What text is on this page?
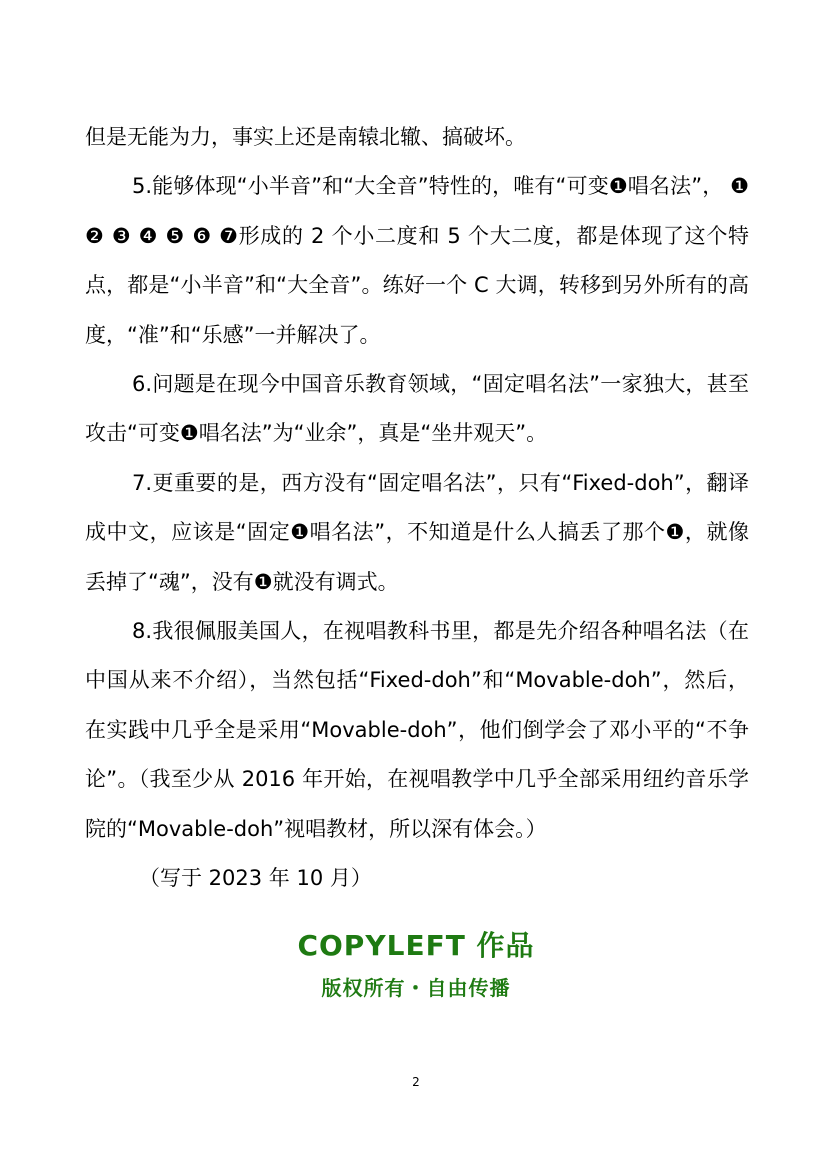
但是无能为力，事实上还是南辕北辙、搞破坏。

5.能够体现“小半音”和“大全音”特性的，唯有“可变❶唱名法”， ❶ ❷ ❸ ❹ ❺ ❻ ❼形成的 2 个小二度和 5 个大二度，都是体现了这个特点，都是“小半音”和“大全音”。练好一个 C 大调，转移到另外所有的高度，“准”和“乐感”一并解决了。

6.问题是在现今中国音乐教育领域，“固定唱名法”一家独大，甚至攻击“可变❶唱名法”为“业余”，真是“坐井观天”。

7.更重要的是，西方没有“固定唱名法”，只有“Fixed-doh”，翻译成中文，应该是“固定❶唱名法”，不知道是什么人搞丢了那个❶，就像丢掉了“魂”，没有❶就没有调式。

8.我很佩服美国人，在视唱教科书里，都是先介绍各种唱名法（在中国从来不介绍），当然包括“Fixed-doh”和“Movable-doh”，然后，在实践中几乎全是采用“Movable-doh”，他们倒学会了邓小平的“不争论”。（我至少从 2016 年开始，在视唱教学中几乎全部采用纽约音乐学院的“Movable-doh”视唱教材，所以深有体会。）

（写于 2023 年 10 月）

COPYLEFT 作品
版权所有・自由传播
2
